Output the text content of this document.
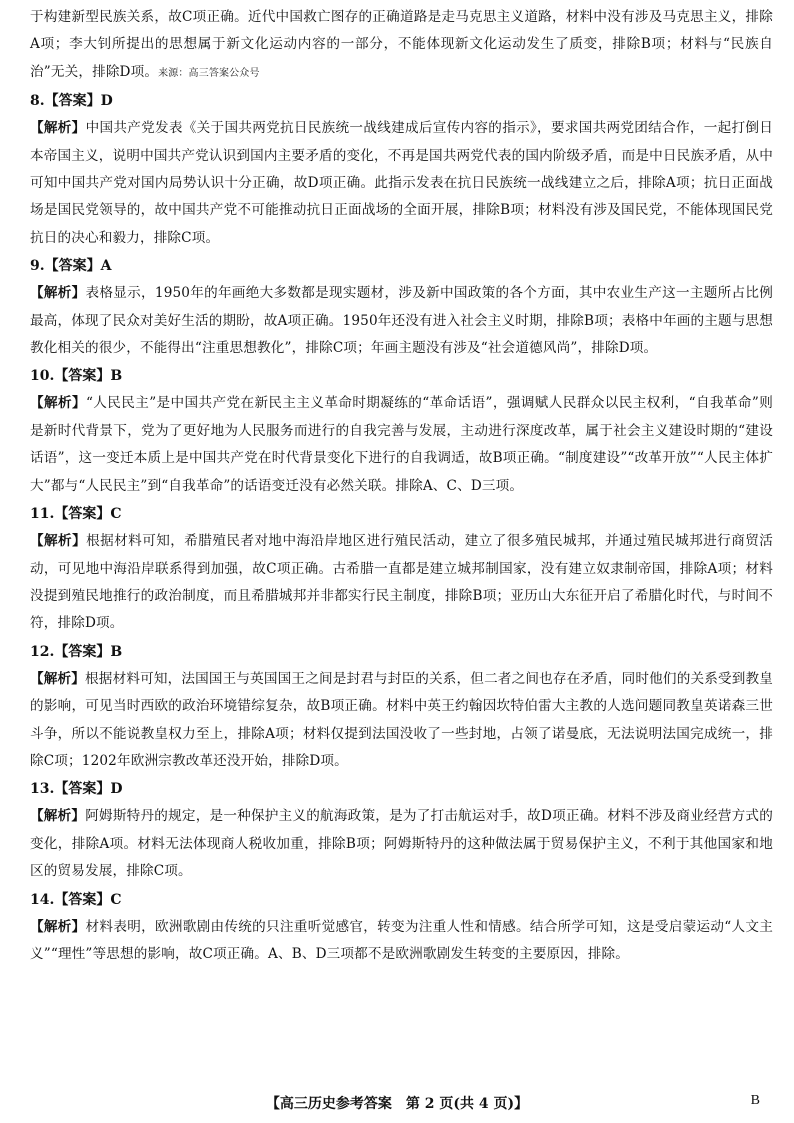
于构建新型民族关系，故C项正确。近代中国救亡图存的正确道路是走马克思主义道路，材料中没有涉及马克思主义，排除A项；李大钊所提出的思想属于新文化运动内容的一部分，不能体现新文化运动发生了质变，排除B项；材料与“民族自治”无关，排除D项。来源：高三答案公众号

8.【答案】D

【解析】中国共产党发表《关于国共两党抗日民族统一战线建成后宣传内容的指示》，要求国共两党团结合作，一起打倒日本帝国主义，说明中国共产党认识到国内主要矛盾的变化，不再是国共两党代表的国内阶级矛盾，而是中日民族矛盾，从中可知中国共产党对国内局势认识十分正确，故D项正确。此指示发表在抗日民族统一战线建立之后，排除A项；抗日正面战场是国民党领导的，故中国共产党不可能推动抗日正面战场的全面开展，排除B项；材料没有涉及国民党，不能体现国民党抗日的决心和毅力，排除C项。

9.【答案】A

【解析】表格显示，1950年的年画绝大多数都是现实题材，涉及新中国政策的各个方面，其中农业生产这一主题所占比例最高，体现了民众对美好生活的期盼，故A项正确。1950年还没有进入社会主义时期，排除B项；表格中年画的主题与思想教化相关的很少，不能得出“注重思想教化”，排除C项；年画主题没有涉及“社会道德风尚”，排除D项。

10.【答案】B

【解析】“人民民主”是中国共产党在新民主主义革命时期凝练的“革命话语”，强调赋人民群众以民主权利，“自我革命”则是新时代背景下，党为了更好地为人民服务而进行的自我完善与发展，主动进行深度改革，属于社会主义建设时期的“建设话语”，这一变迁本质上是中国共产党在时代背景变化下进行的自我调适，故B项正确。“制度建设”“改革开放”“人民主体扩大”都与“人民民主”到“自我革命”的话语变迁没有必然关联。排除A、C、D三项。

11.【答案】C

【解析】根据材料可知，希腊殖民者对地中海沿岸地区进行殖民活动，建立了很多殖民城邦，并通过殖民城邦进行商贸活动，可见地中海沿岸联系得到加强，故C项正确。古希腊一直都是建立城邦制国家，没有建立奴隶制帝国，排除A项；材料没提到殖民地推行的政治制度，而且希腊城邦并非都实行民主制度，排除B项；亚历山大东征开启了希腊化时代，与时间不符，排除D项。

12.【答案】B

【解析】根据材料可知，法国国王与英国国王之间是封君与封臣的关系，但二者之间也存在矛盾，同时他们的关系受到教皇的影响，可见当时西欧的政治环境错综复杂，故B项正确。材料中英王约翰因坎特伯雷大主教的人选问题同教皇英诺森三世斗争，所以不能说教皇权力至上，排除A项；材料仅提到法国没收了一些封地，占领了诺曼底，无法说明法国完成统一，排除C项；1202年欧洲宗教改革还没开始，排除D项。

13.【答案】D

【解析】阿姆斯特丹的规定，是一种保护主义的航海政策，是为了打击航运对手，故D项正确。材料不涉及商业经营方式的变化，排除A项。材料无法体现商人税收加重，排除B项；阿姆斯特丹的这种做法属于贸易保护主义，不利于其他国家和地区的贸易发展，排除C项。

14.【答案】C

【解析】材料表明，欧洲歌剧由传统的只注重听觉感官，转变为注重人性和情感。结合所学可知，这是受启蒙运动“人文主义”“理性”等思想的影响，故C项正确。A、B、D三项都不是欧洲歌剧发生转变的主要原因，排除。

【高三历史参考答案　第 2 页(共 4 页)】	B
